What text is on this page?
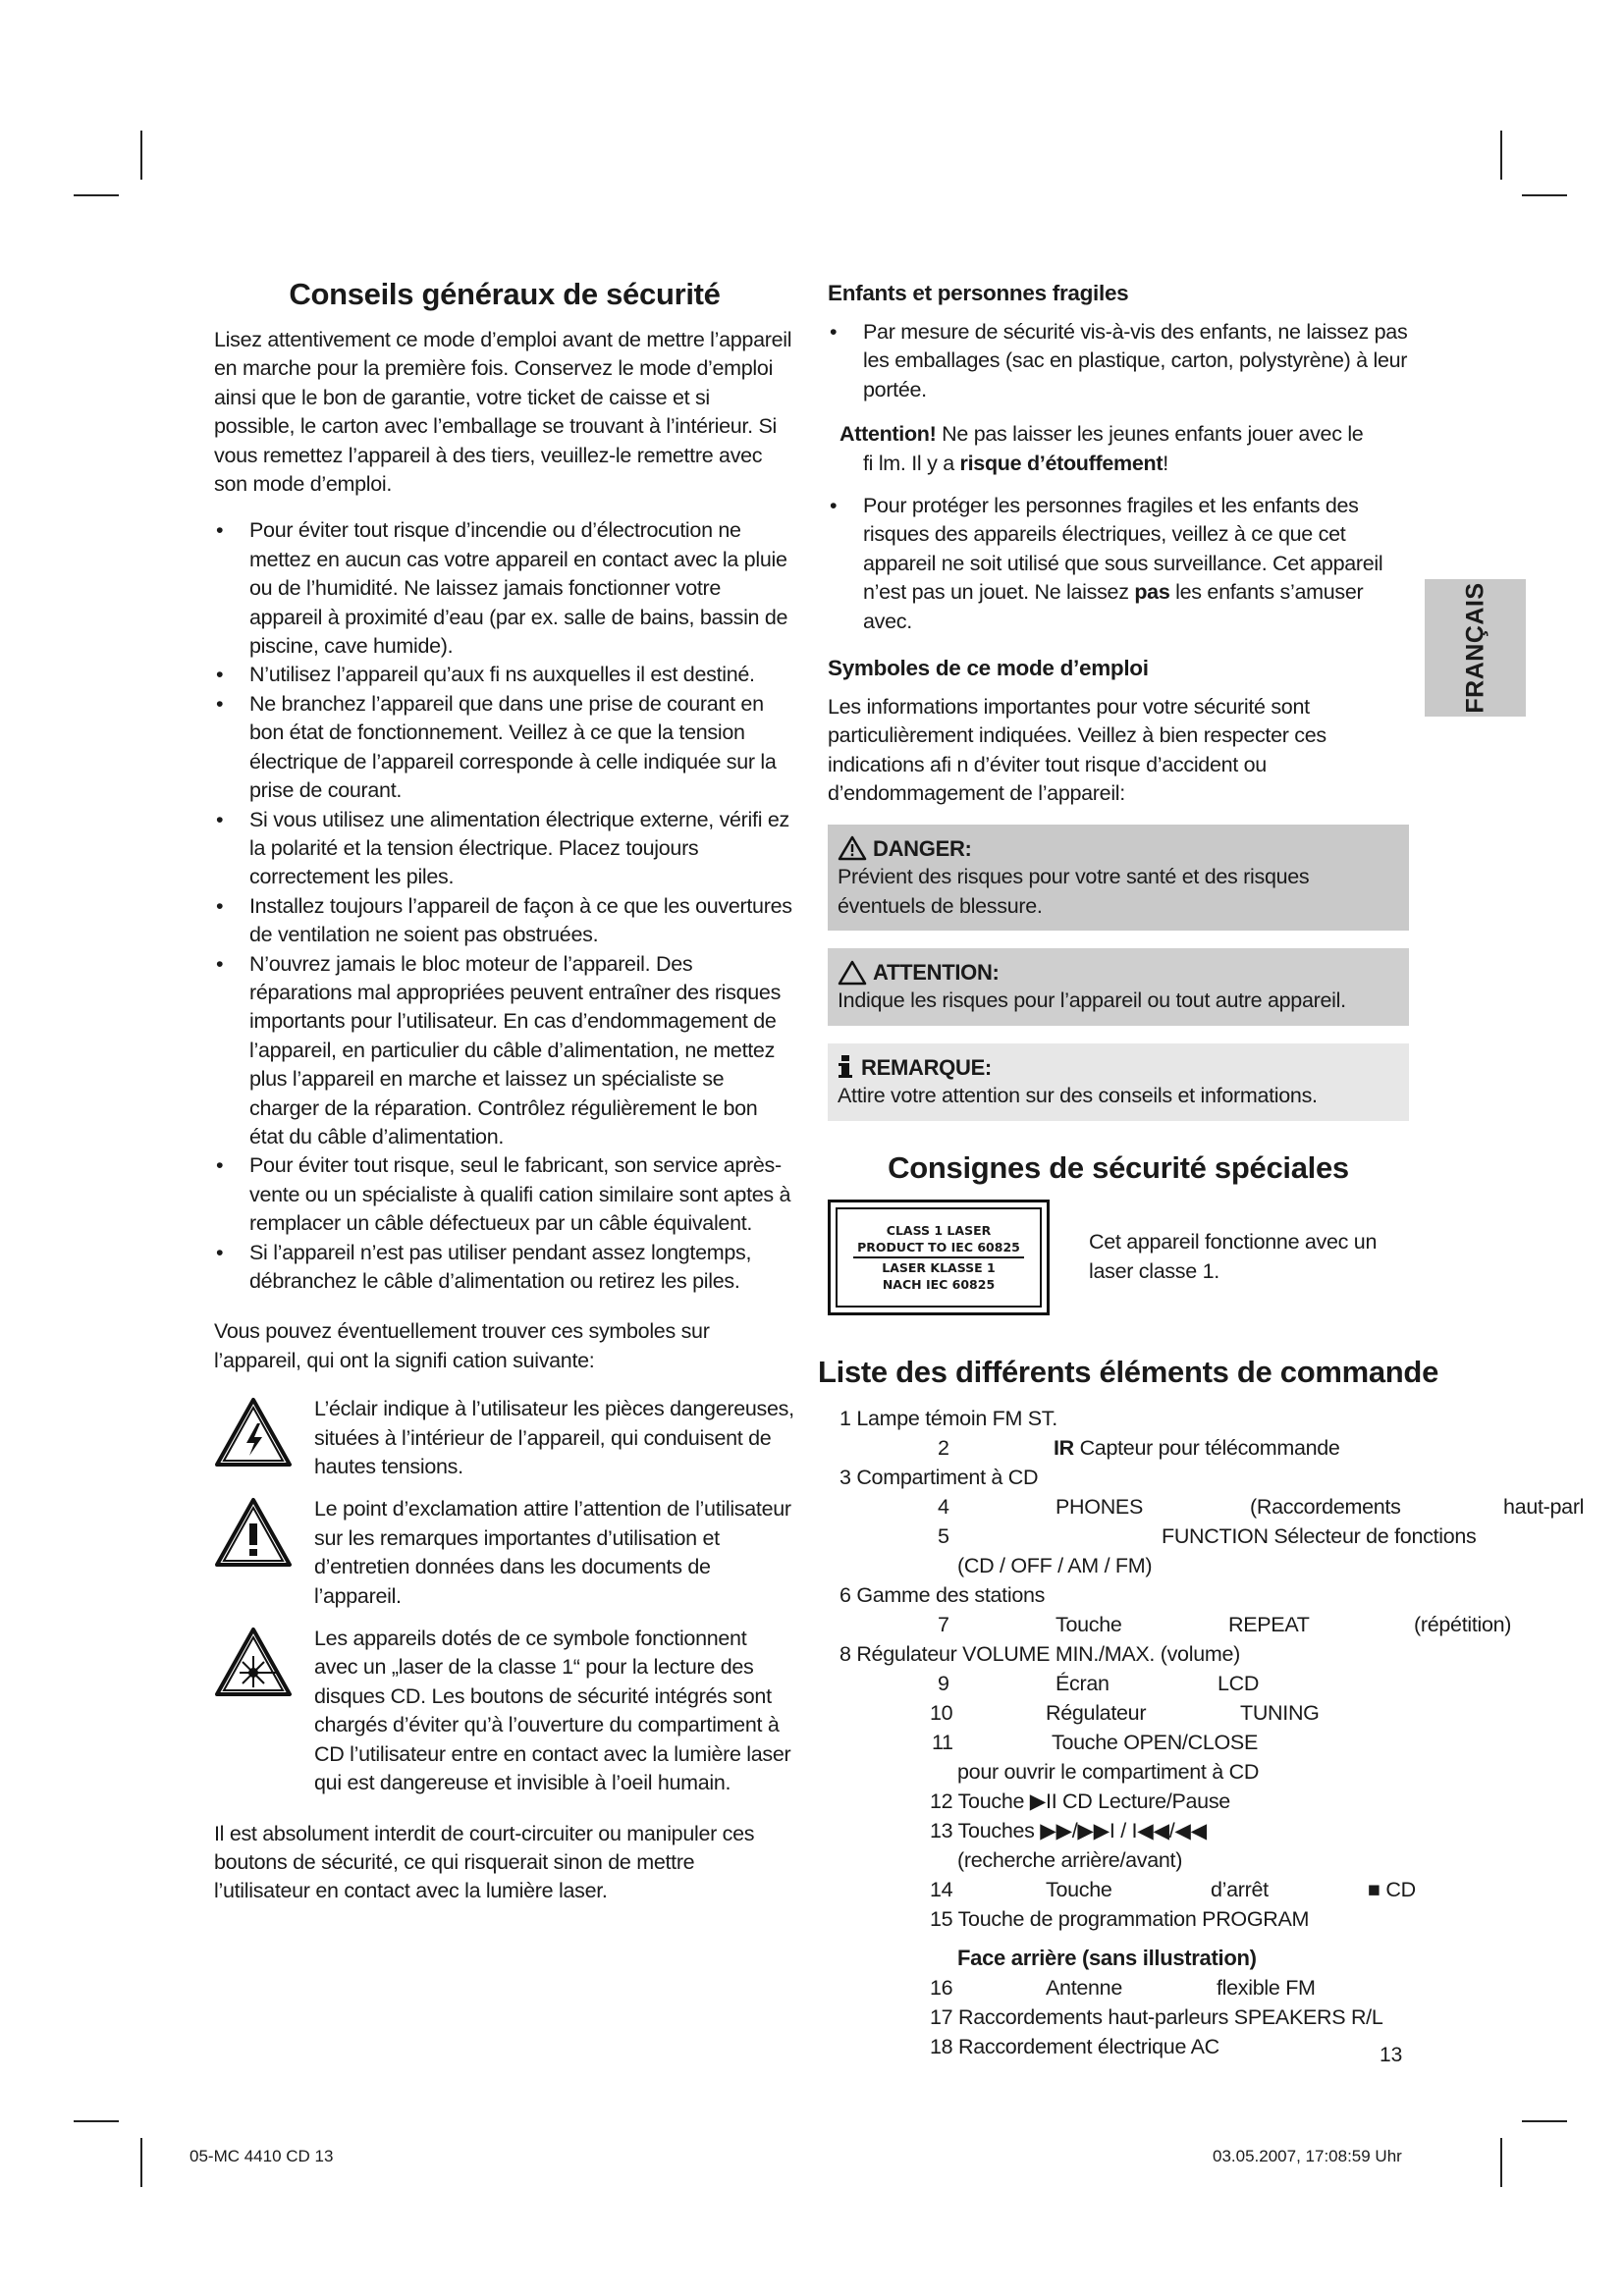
FRANÇAIS
Conseils généraux de sécurité

Lisez attentivement ce mode d’emploi avant de mettre l’appareil en marche pour la première fois. Conservez le mode d’emploi ainsi que le bon de garantie, votre ticket de caisse et si possible, le carton avec l’emballage se trouvant à l’intérieur. Si vous remettez l’appareil à des tiers, veuillez-le remettre avec son mode d’emploi.

• Pour éviter tout risque d’incendie ou d’électrocution ne mettez en aucun cas votre appareil en contact avec la pluie ou de l’humidité. Ne laissez jamais fonctionner votre appareil à proximité d’eau (par ex. salle de bains, bassin de piscine, cave humide).
• N’utilisez l’appareil qu’aux fi ns auxquelles il est destiné.
• Ne branchez l’appareil que dans une prise de courant en bon état de fonctionnement. Veillez à ce que la tension électrique de l’appareil corresponde à celle indiquée sur la prise de courant.
• Si vous utilisez une alimentation électrique externe, vérifi ez la polarité et la tension électrique. Placez toujours correctement les piles.
• Installez toujours l’appareil de façon à ce que les ouvertures de ventilation ne soient pas obstruées.
• N’ouvrez jamais le bloc moteur de l’appareil. Des réparations mal appropriées peuvent entraîner des risques importants pour l’utilisateur. En cas d’endommagement de l’appareil, en particulier du câble d’alimentation, ne mettez plus l’appareil en marche et laissez un spécialiste se charger de la réparation. Contrôlez régulièrement le bon état du câble d’alimentation.
• Pour éviter tout risque, seul le fabricant, son service après-vente ou un spécialiste à qualifi cation similaire sont aptes à remplacer un câble défectueux par un câble équivalent.
• Si l’appareil n’est pas utiliser pendant assez longtemps, débranchez le câble d’alimentation ou retirez les piles.

Vous pouvez éventuellement trouver ces symboles sur l’appareil, qui ont la signifi cation suivante:

L’éclair indique à l’utilisateur les pièces dangereuses, situées à l’intérieur de l’appareil, qui conduisent de hautes tensions.
Le point d’exclamation attire l’attention de l’utilisateur sur les remarques importantes d’utilisation et d’entretien données dans les documents de l’appareil.
Les appareils dotés de ce symbole fonctionnent avec un „laser de la classe 1“ pour la lecture des disques CD. Les boutons de sécurité intégrés sont chargés d’éviter qu’à l’ouverture du compartiment à CD l’utilisateur entre en contact avec la lumière laser qui est dangereuse et invisible à l’oeil humain.

Il est absolument interdit de court-circuiter ou manipuler ces boutons de sécurité, ce qui risquerait sinon de mettre l’utilisateur en contact avec la lumière laser.

Enfants et personnes fragiles
• Par mesure de sécurité vis-à-vis des enfants, ne laissez pas les emballages (sac en plastique, carton, polystyrène) à leur portée.
Attention! Ne pas laisser les jeunes enfants jouer avec le
fi lm. Il y a risque d’étouffement!
• Pour protéger les personnes fragiles et les enfants des risques des appareils électriques, veillez à ce que cet appareil ne soit utilisé que sous surveillance. Cet appareil n’est pas un jouet. Ne laissez pas les enfants s’amuser avec.
Symboles de ce mode d’emploi

Les informations importantes pour votre sécurité sont particulièrement indiquées. Veillez à bien respecter ces indications afi n d’éviter tout risque d’accident ou d’endommagement de l’appareil:

DANGER:
Prévient des risques pour votre santé et des risques éventuels de blessure.
ATTENTION:
Indique les risques pour l’appareil ou tout autre appareil.
REMARQUE:
Attire votre attention sur des conseils et informations.
Consignes de sécurité spéciales
CLASS 1 LASER
PRODUCT TO IEC 60825
LASER KLASSE 1
NACH IEC 60825
Cet appareil fonctionne avec un laser classe 1.
Liste des différents éléments de commande
1 Lampe témoin FM ST.
2	IR Capteur pour télécommande
3 Compartiment à CD
4	PHONES	(Raccordements	haut-parl
5	FUNCTION Sélecteur de fonctions
(CD / OFF / AM / FM)
6 Gamme des stations
7	Touche	REPEAT	(répétition)
8 Régulateur VOLUME MIN./MAX. (volume)
9	Écran	LCD
10	Régulateur	TUNING
11	Touche OPEN/CLOSE
pour ouvrir le compartiment à CD
12 Touche ▶II CD Lecture/Pause
13 Touches ▶▶/▶▶I / I◀◀/◀◀
(recherche arrière/avant)
14	Touche	d’arrêt	■ CD
15 Touche de programmation PROGRAM
Face arrière (sans illustration)
16	Antenne	flexible FM
17 Raccordements haut-parleurs SPEAKERS R/L
18 Raccordement électrique AC	13
05-MC 4410 CD 13	03.05.2007, 17:08:59 Uhr
